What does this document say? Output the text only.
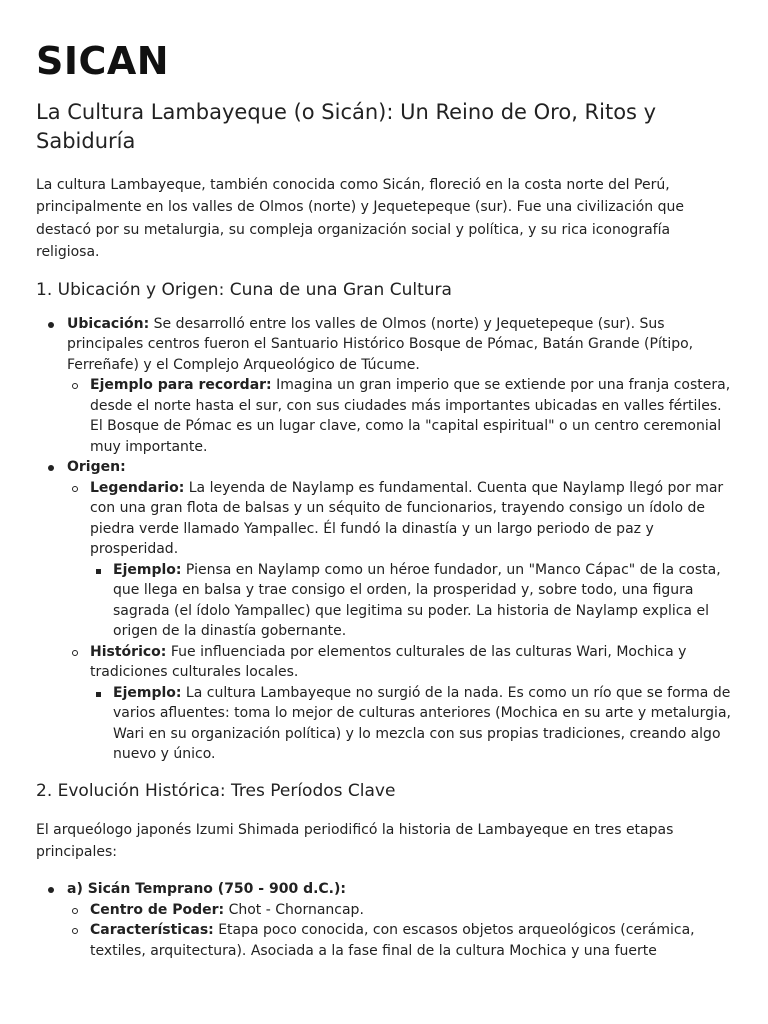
SICAN
La Cultura Lambayeque (o Sicán): Un Reino de Oro, Ritos y Sabiduría

La cultura Lambayeque, también conocida como Sicán, floreció en la costa norte del Perú, principalmente en los valles de Olmos (norte) y Jequetepeque (sur). Fue una civilización que destacó por su metalurgia, su compleja organización social y política, y su rica iconografía religiosa.

1. Ubicación y Origen: Cuna de una Gran Cultura
Ubicación: Se desarrolló entre los valles de Olmos (norte) y Jequetepeque (sur). Sus principales centros fueron el Santuario Histórico Bosque de Pómac, Batán Grande (Pítipo, Ferreñafe) y el Complejo Arqueológico de Túcume.
Ejemplo para recordar: Imagina un gran imperio que se extiende por una franja costera, desde el norte hasta el sur, con sus ciudades más importantes ubicadas en valles fértiles. El Bosque de Pómac es un lugar clave, como la "capital espiritual" o un centro ceremonial muy importante.
Origen:
Legendario: La leyenda de Naylamp es fundamental. Cuenta que Naylamp llegó por mar con una gran flota de balsas y un séquito de funcionarios, trayendo consigo un ídolo de piedra verde llamado Yampallec. Él fundó la dinastía y un largo periodo de paz y prosperidad.
Ejemplo: Piensa en Naylamp como un héroe fundador, un "Manco Cápac" de la costa, que llega en balsa y trae consigo el orden, la prosperidad y, sobre todo, una figura sagrada (el ídolo Yampallec) que legitima su poder. La historia de Naylamp explica el origen de la dinastía gobernante.
Histórico: Fue influenciada por elementos culturales de las culturas Wari, Mochica y tradiciones culturales locales.
Ejemplo: La cultura Lambayeque no surgió de la nada. Es como un río que se forma de varios afluentes: toma lo mejor de culturas anteriores (Mochica en su arte y metalurgia, Wari en su organización política) y lo mezcla con sus propias tradiciones, creando algo nuevo y único.
2. Evolución Histórica: Tres Períodos Clave

El arqueólogo japonés Izumi Shimada periodificó la historia de Lambayeque en tres etapas principales:

a) Sicán Temprano (750 - 900 d.C.):
Centro de Poder: Chot - Chornancap.
Características: Etapa poco conocida, con escasos objetos arqueológicos (cerámica, textiles, arquitectura). Asociada a la fase final de la cultura Mochica y una fuerte
